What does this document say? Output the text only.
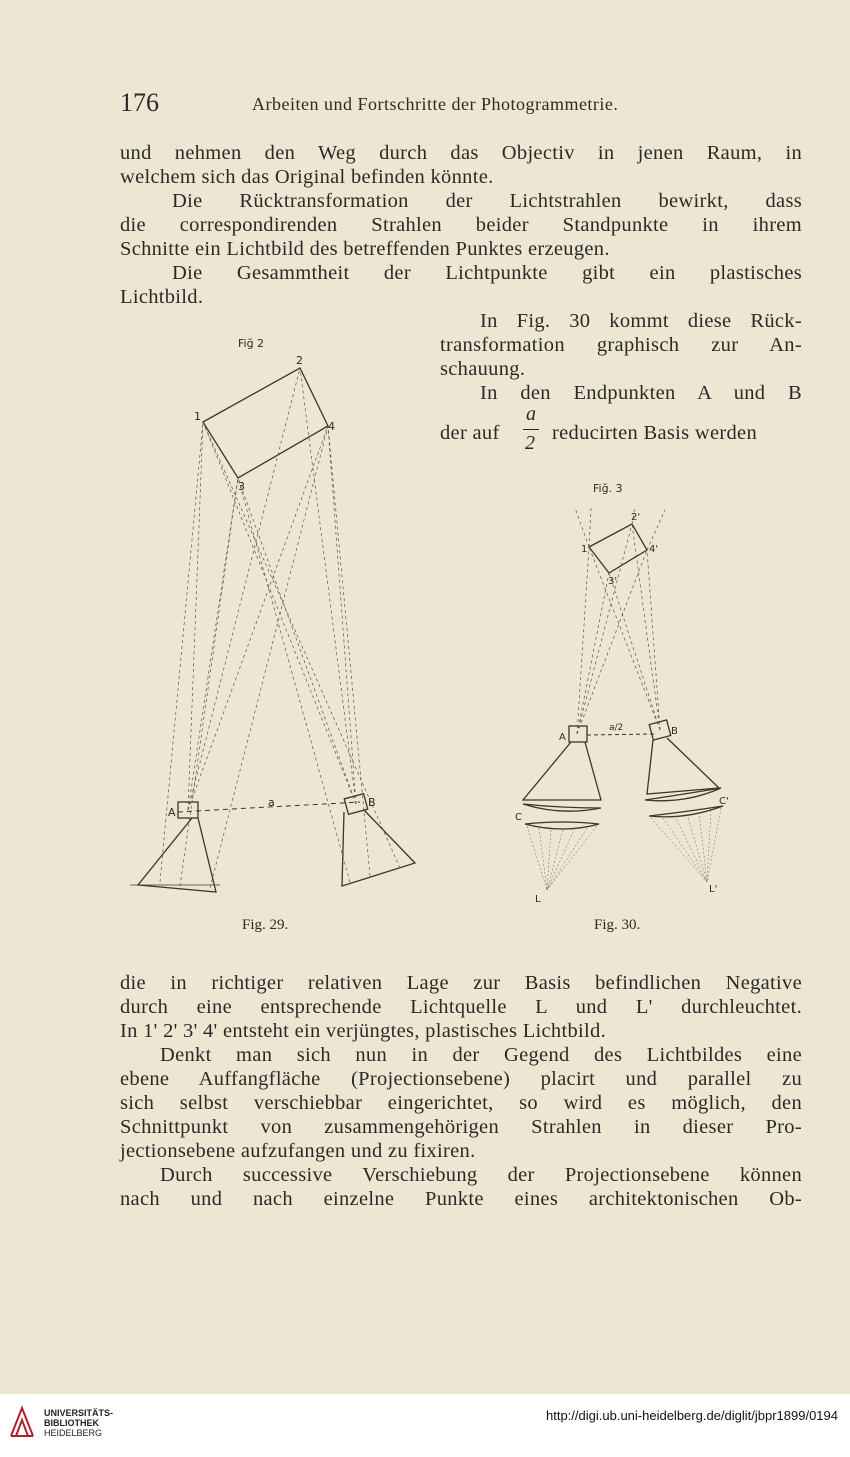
176	Arbeiten und Fortschritte der Photogrammetrie.
und nehmen den Weg durch das Objectiv in jenen Raum, in
welchem sich das Original befinden könnte.
Die Rücktransformation der Lichtstrahlen bewirkt, dass
die correspondirenden Strahlen beider Standpunkte in ihrem
Schnitte ein Lichtbild des betreffenden Punktes erzeugen.
Die Gesammtheit der Lichtpunkte gibt ein plastisches
Lichtbild.
In Fig. 30 kommt diese Rück-
transformation graphisch zur An-
schauung.
In den Endpunkten A und B
der auf	reducirten Basis werden
a
2
Fiğ 2
1
2
3
4
A
B
a
Fig. 29.
Fiğ. 3
1
2'
3'
4'
A
B
a/2
C
C'
L
L'
Fig. 30.
die in richtiger relativen Lage zur Basis befindlichen Negative
durch eine entsprechende Lichtquelle L und L' durchleuchtet.
In 1' 2' 3' 4' entsteht ein verjüngtes, plastisches Lichtbild.
Denkt man sich nun in der Gegend des Lichtbildes eine
ebene Auffangfläche (Projectionsebene) placirt und parallel zu
sich selbst verschiebbar eingerichtet, so wird es möglich, den
Schnittpunkt von zusammengehörigen Strahlen in dieser Pro-
jectionsebene aufzufangen und zu fixiren.
Durch successive Verschiebung der Projectionsebene können
nach und nach einzelne Punkte eines architektonischen Ob-
UNIVERSITÄTS-
BIBLIOTHEK
HEIDELBERG
http://digi.ub.uni-heidelberg.de/diglit/jbpr1899/0194
